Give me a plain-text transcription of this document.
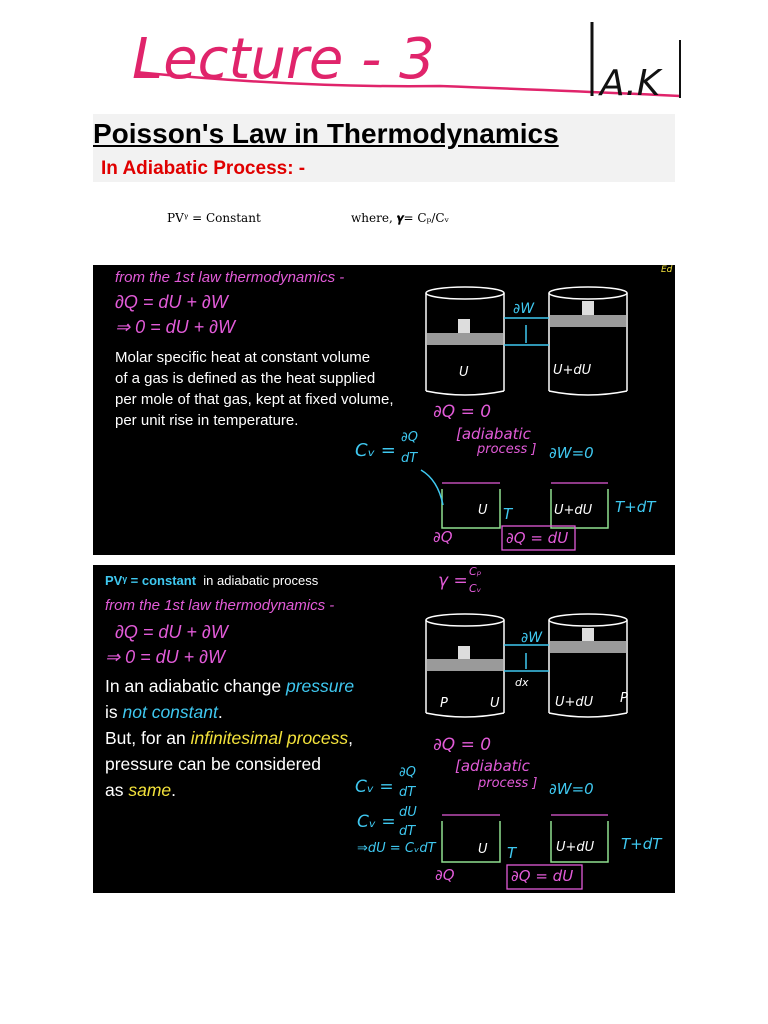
Lecture - 3	A.K
Poisson's Law in Thermodynamics
In Adiabatic Process: -
PVᵞ = Constant	where, 𝜸= Cₚ/Cᵥ
from the 1st law thermodynamics -
∂Q = dU + ∂W
⇒ 0 = dU + ∂W
Molar specific heat at constant volume
of a gas is defined as the heat supplied
per mole of that gas, kept at fixed volume,
per unit rise in temperature.
∂W
U	U+dU
∂Q = 0
[adiabatic
process ]
Cᵥ =
∂Q
dT	∂W=0
U T	U+dU T+dT
∂Q	∂Q = dU
Ed
PVᵞ = constant in adiabatic process	γ = Cₚ
Cᵥ
from the 1st law thermodynamics -
∂Q = dU + ∂W
⇒ 0 = dU + ∂W
In an adiabatic change pressure
is not constant.
But, for an infinitesimal process,
pressure can be considered
as same.
∂W
dx
P	U	U+dU P
∂Q = 0
[adiabatic
process ]
Cᵥ =
∂Q
dT
Cᵥ = dU
dT
⇒dU = CᵥdT
∂W=0
U T	U+dU T+dT
∂Q	∂Q = dU
